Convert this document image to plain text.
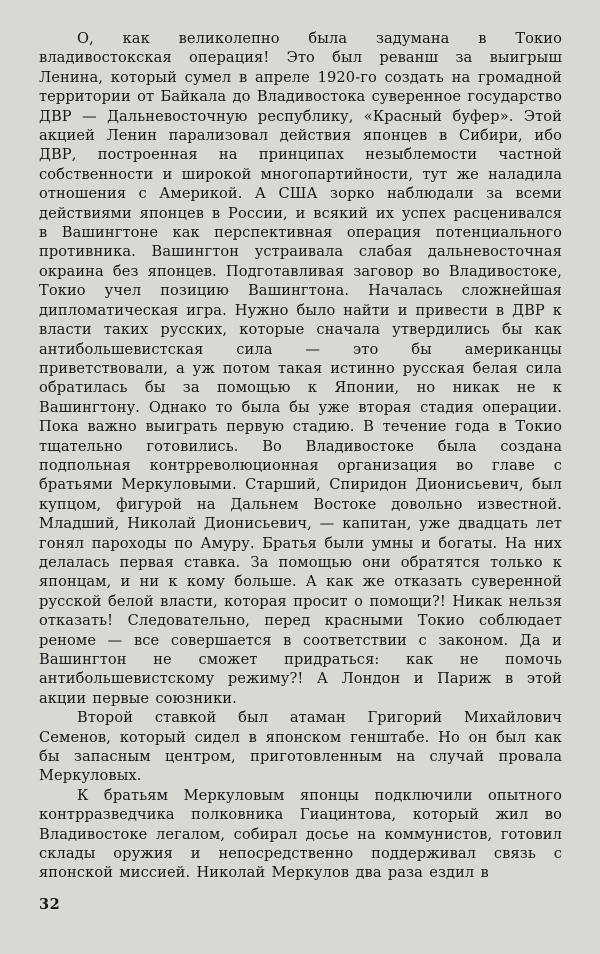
О, как великолепно была задумана в Токио владивостокская операция! Это был реванш за выигрыш Ленина, который сумел в апреле 1920-го создать на громадной территории от Байкала до Владивостока суверенное государство ДВР — Дальневосточную республику, «Красный буфер». Этой акцией Ленин парализовал действия японцев в Сибири, ибо ДВР, построенная на принципах незыблемости частной собственности и широкой многопартийности, тут же наладила отношения с Америкой. А США зорко наблюдали за всеми действиями японцев в России, и всякий их успех расценивался в Вашингтоне как перспективная операция потенциального противника. Вашингтон устраивала слабая дальневосточная окраина без японцев. Подготавливая заговор во Владивостоке, Токио учел позицию Вашингтона. Началась сложнейшая дипломатическая игра. Нужно было найти и привести в ДВР к власти таких русских, которые сначала утвердились бы как антибольшевистская сила — это бы американцы приветствовали, а уж потом такая истинно русская белая сила обратилась бы за помощью к Японии, но никак не к Вашингтону. Однако то была бы уже вторая стадия операции. Пока важно выиграть первую стадию. В течение года в Токио тщательно готовились. Во Владивостоке была создана подпольная контрреволюционная организация во главе с братьями Меркуловыми. Старший, Спиридон Дионисьевич, был купцом, фигурой на Дальнем Востоке довольно известной. Младший, Николай Дионисьевич, — капитан, уже двадцать лет гонял пароходы по Амуру. Братья были умны и богаты. На них делалась первая ставка. За помощью они обратятся только к японцам, и ни к кому больше. А как же отказать суверенной русской белой власти, которая просит о помощи?! Никак нельзя отказать! Следовательно, перед красными Токио соблюдает реноме — все совершается в соответствии с законом. Да и Вашингтон не сможет придраться: как не помочь антибольшевистскому режиму?! А Лондон и Париж в этой акции первые союзники.

Второй ставкой был атаман Григорий Михайлович Семенов, который сидел в японском генштабе. Но он был как бы запасным центром, приготовленным на случай провала Меркуловых.

К братьям Меркуловым японцы подключили опытного контрразведчика полковника Гиацинтова, который жил во Владивостоке легалом, собирал досье на коммунистов, готовил склады оружия и непосредственно поддерживал связь с японской миссией. Николай Меркулов два раза ездил в

32
